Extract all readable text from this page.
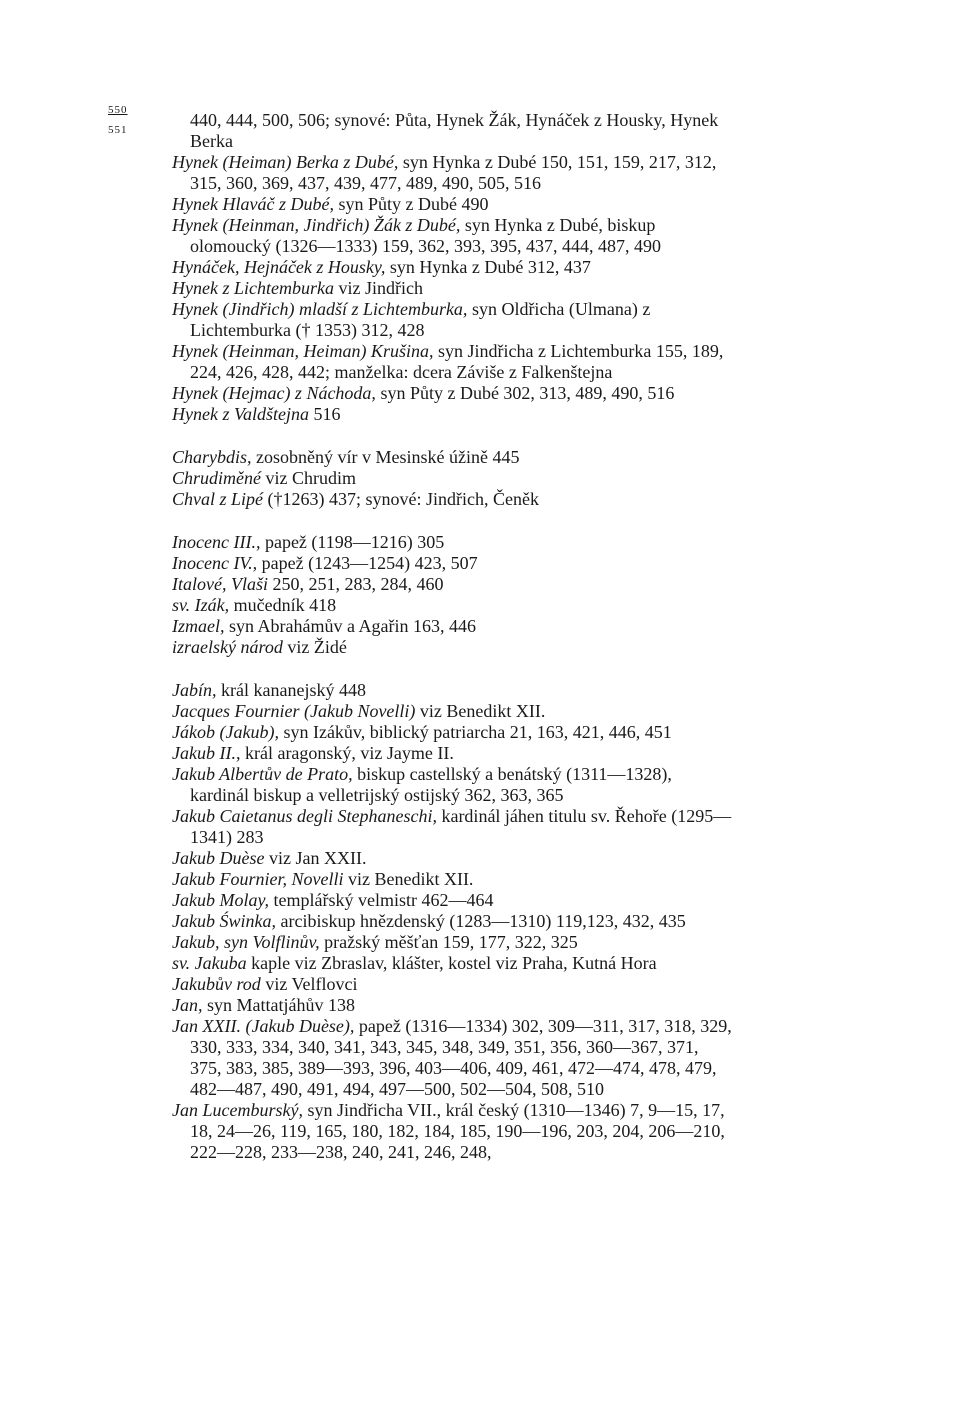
550
551	440, 444, 500, 506; synové: Půta, Hynek Žák, Hynáček z Housky, Hynek Berka

Hynek (Heiman) Berka z Dubé, syn Hynka z Dubé 150, 151, 159, 217, 312, 315, 360, 369, 437, 439, 477, 489, 490, 505, 516

Hynek Hlaváč z Dubé, syn Půty z Dubé 490

Hynek (Heinman, Jindřich) Žák z Dubé, syn Hynka z Dubé, biskup olomoucký (1326—1333) 159, 362, 393, 395, 437, 444, 487, 490

Hynáček, Hejnáček z Housky, syn Hynka z Dubé 312, 437

Hynek z Lichtemburka viz Jindřich

Hynek (Jindřich) mladší z Lichtemburka, syn Oldřicha (Ulmana) z Lichtemburka († 1353) 312, 428

Hynek (Heinman, Heiman) Krušina, syn Jindřicha z Lichtemburka 155, 189, 224, 426, 428, 442; manželka: dcera Záviše z Falkenštejna

Hynek (Hejmac) z Náchoda, syn Půty z Dubé 302, 313, 489, 490, 516

Hynek z Valdštejna 516

Charybdis, zosobněný vír v Mesinské úžině 445

Chrudiměné viz Chrudim

Chval z Lipé (†1263) 437; synové: Jindřich, Čeněk

Inocenc III., papež (1198—1216) 305

Inocenc IV., papež (1243—1254) 423, 507

Italové, Vlaši 250, 251, 283, 284, 460

sv. Izák, mučedník 418

Izmael, syn Abrahámův a Agařin 163, 446

izraelský národ viz Židé

Jabín, král kananejský 448

Jacques Fournier (Jakub Novelli) viz Benedikt XII.

Jákob (Jakub), syn Izákův, biblický patriarcha 21, 163, 421, 446, 451

Jakub II., král aragonský, viz Jayme II.

Jakub Albertův de Prato, biskup castellský a benátský (1311—1328), kardinál biskup a velletrijský ostijský 362, 363, 365

Jakub Caietanus degli Stephaneschi, kardinál jáhen titulu sv. Řehoře (1295—1341) 283

Jakub Duèse viz Jan XXII.

Jakub Fournier, Novelli viz Benedikt XII.

Jakub Molay, templářský velmistr 462—464

Jakub Świnka, arcibiskup hnězdenský (1283—1310) 119,123, 432, 435

Jakub, syn Volflinův, pražský měšťan 159, 177, 322, 325

sv. Jakuba kaple viz Zbraslav, klášter, kostel viz Praha, Kutná Hora

Jakubův rod viz Velflovci

Jan, syn Mattatjáhův 138

Jan XXII. (Jakub Duèse), papež (1316—1334) 302, 309—311, 317, 318, 329, 330, 333, 334, 340, 341, 343, 345, 348, 349, 351, 356, 360—367, 371, 375, 383, 385, 389—393, 396, 403—406, 409, 461, 472—474, 478, 479, 482—487, 490, 491, 494, 497—500, 502—504, 508, 510

Jan Lucemburský, syn Jindřicha VII., král český (1310—1346) 7, 9—15, 17, 18, 24—26, 119, 165, 180, 182, 184, 185, 190—196, 203, 204, 206—210, 222—228, 233—238, 240, 241, 246, 248,
